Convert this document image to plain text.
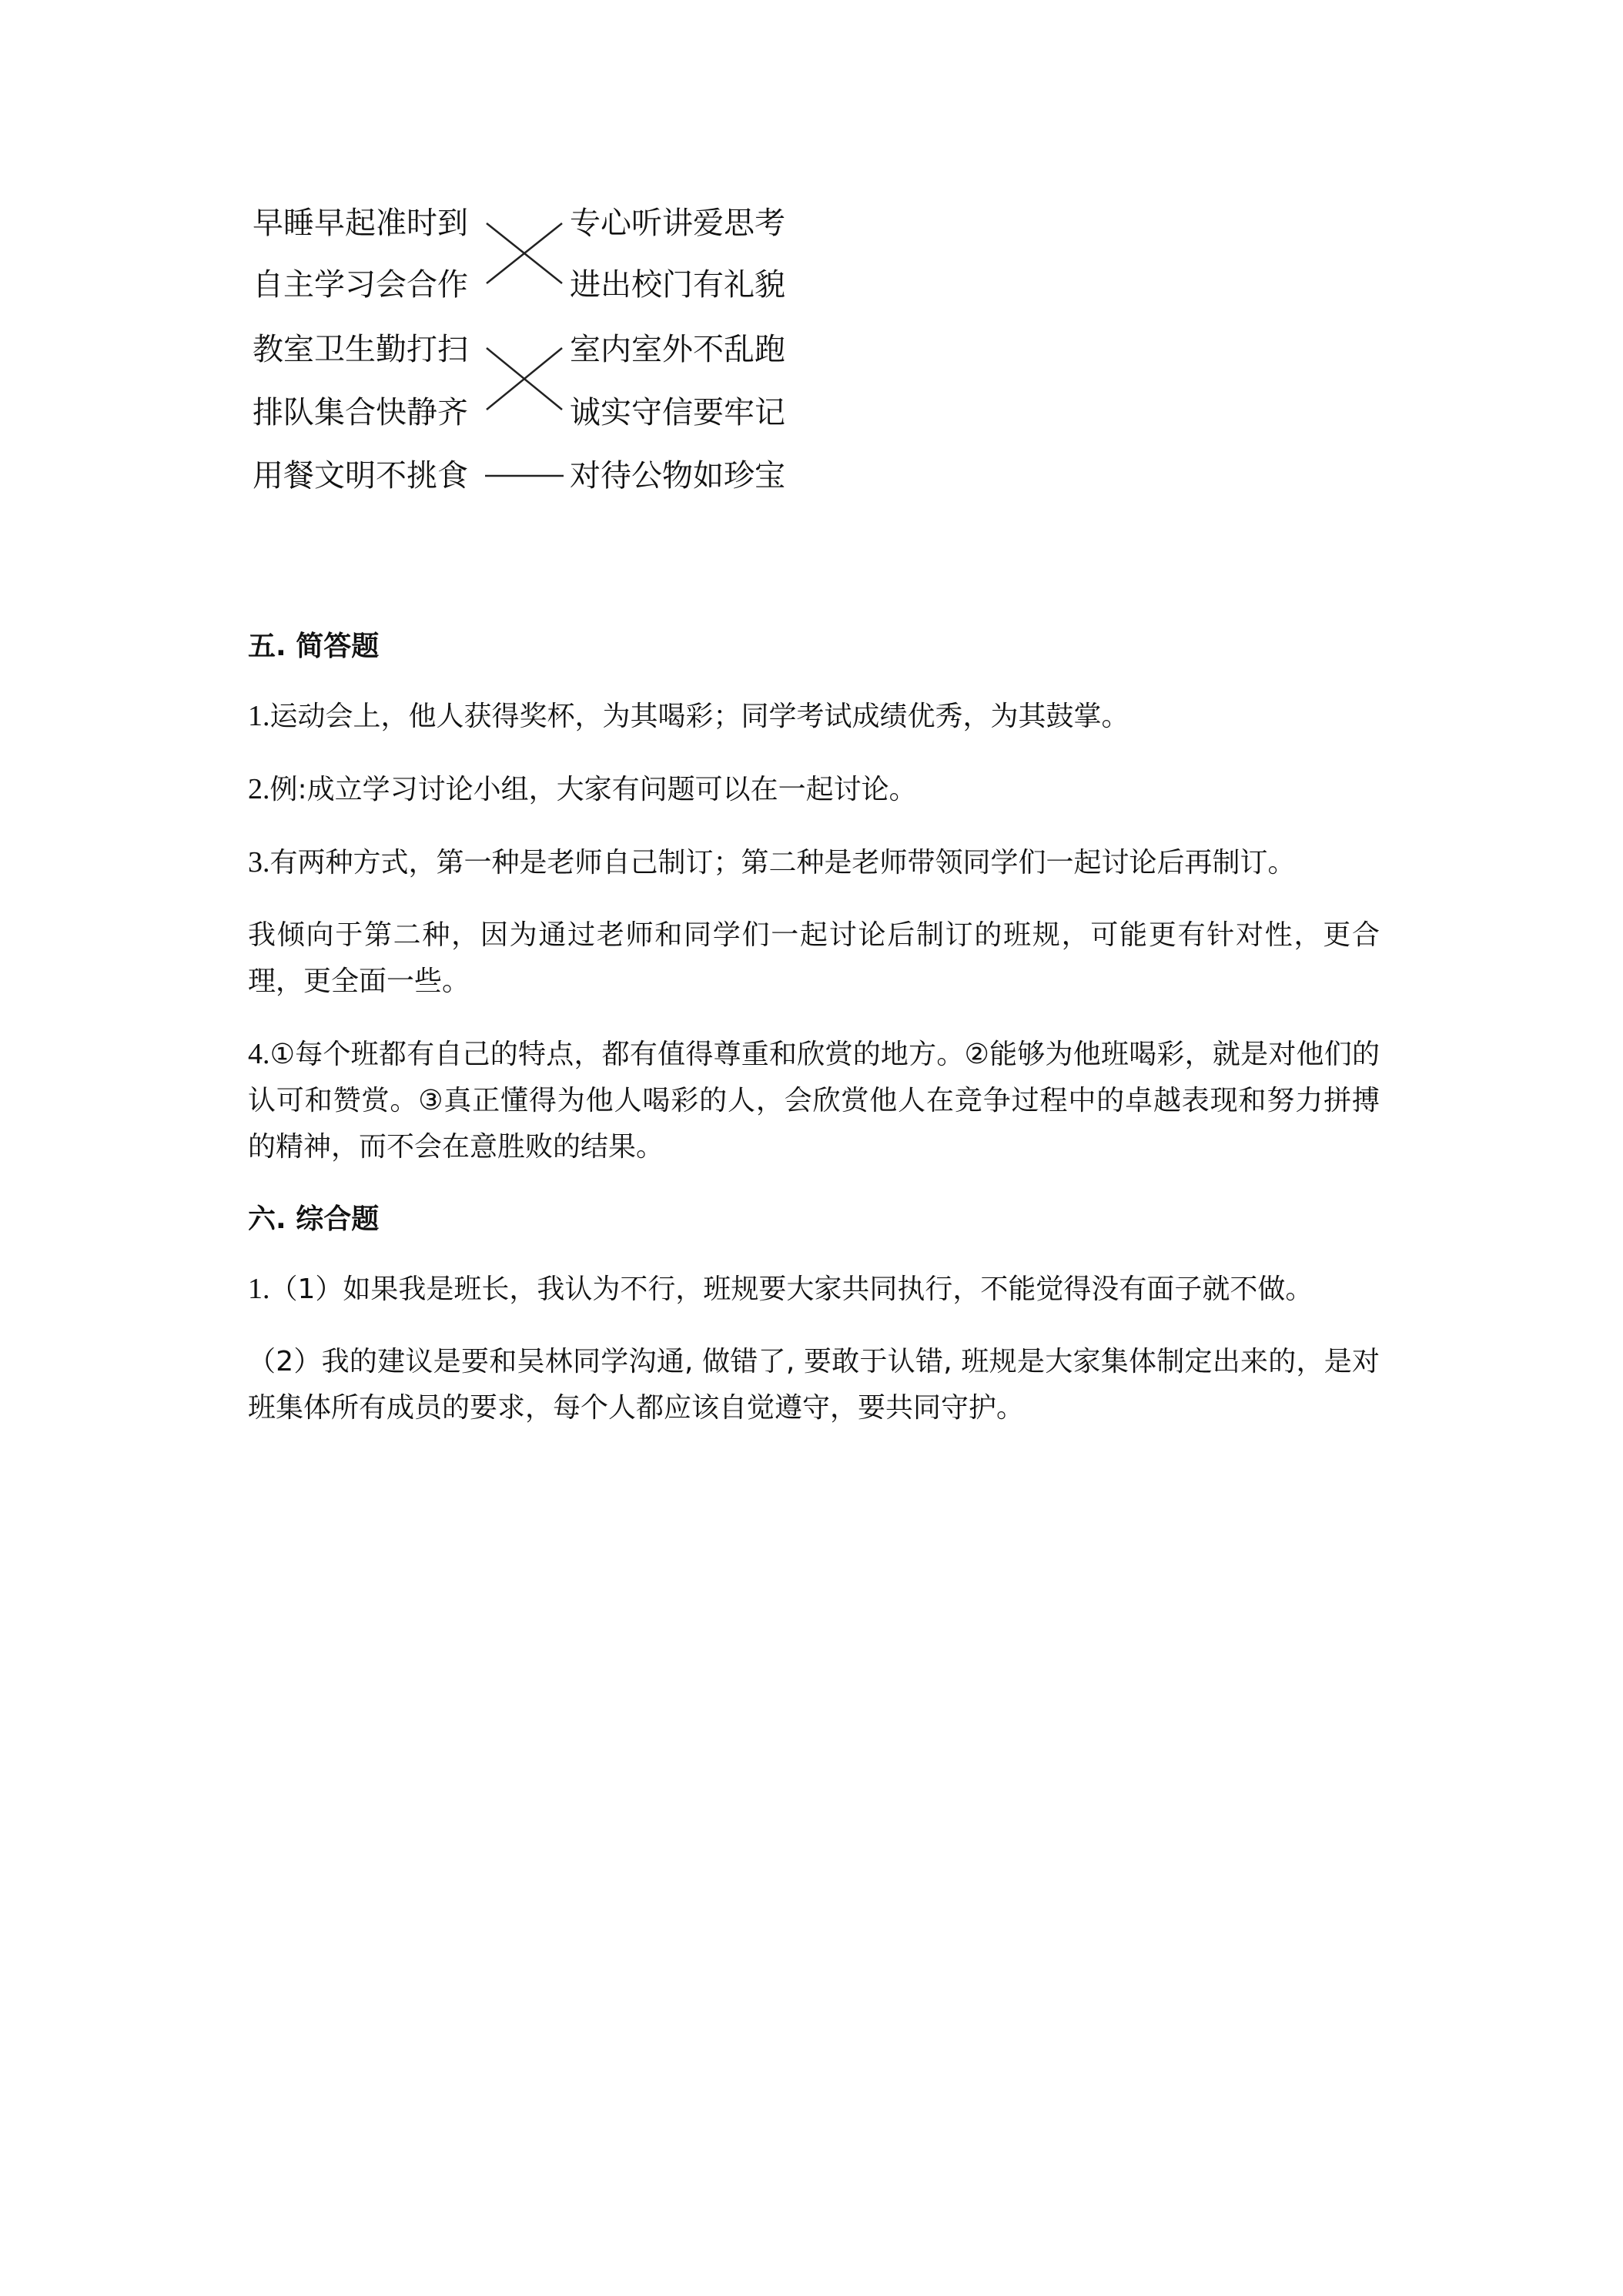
早睡早起准时到
自主学习会合作
教室卫生勤打扫
排队集合快静齐
用餐文明不挑食
专心听讲爱思考
进出校门有礼貌
室内室外不乱跑
诚实守信要牢记
对待公物如珍宝
五. 简答题
1.运动会上，他人获得奖杯，为其喝彩；同学考试成绩优秀，为其鼓掌。
2.例:成立学习讨论小组，大家有问题可以在一起讨论。
3.有两种方式，第一种是老师自己制订；第二种是老师带领同学们一起讨论后再制订。
我倾向于第二种，因为通过老师和同学们一起讨论后制订的班规，可能更有针对性，更合理，更全面一些。
4.①每个班都有自己的特点，都有值得尊重和欣赏的地方。②能够为他班喝彩，就是对他们的认可和赞赏。③真正懂得为他人喝彩的人，会欣赏他人在竞争过程中的卓越表现和努力拼搏的精神，而不会在意胜败的结果。
六. 综合题
1.（1）如果我是班长，我认为不行，班规要大家共同执行，不能觉得没有面子就不做。
（2）我的建议是要和吴林同学沟通, 做错了, 要敢于认错, 班规是大家集体制定出来的，是对班集体所有成员的要求，每个人都应该自觉遵守，要共同守护。
